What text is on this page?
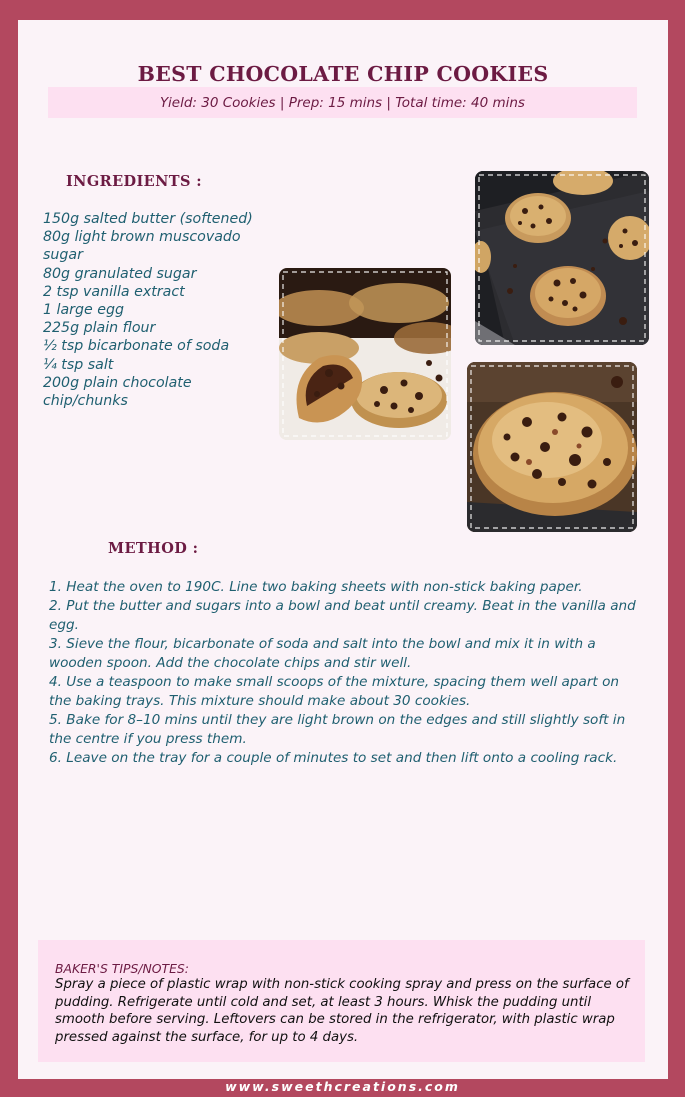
BEST CHOCOLATE CHIP COOKIES
Yield: 30 Cookies | Prep: 15 mins | Total time: 40 mins
INGREDIENTS :
150g salted butter (softened)
80g light brown muscovado sugar
80g granulated sugar
2 tsp vanilla extract
1 large egg
225g plain flour
½ tsp bicarbonate of soda
¼ tsp salt
200g plain chocolate chip/chunks
METHOD :
1. Heat the oven to 190C. Line two baking sheets with non-stick baking paper.
2. Put the butter and sugars into a bowl and beat until creamy. Beat in the vanilla and egg.
3. Sieve the flour, bicarbonate of soda and salt into the bowl and mix it in with a wooden spoon. Add the chocolate chips and stir well.
4. Use a teaspoon to make small scoops of the mixture, spacing them well apart on the baking trays. This mixture should make about 30 cookies.
5. Bake for 8–10 mins until they are light brown on the edges and still slightly soft in the centre if you press them.
6. Leave on the tray for a couple of minutes to set and then lift onto a cooling rack.
BAKER'S TIPS/NOTES:

Spray a piece of plastic wrap with non-stick cooking spray and press on the surface of pudding. Refrigerate until cold and set, at least 3 hours. Whisk the pudding until smooth before serving. Leftovers can be stored in the refrigerator, with plastic wrap pressed against the surface, for up to 4 days.

www.sweethcreations.com
